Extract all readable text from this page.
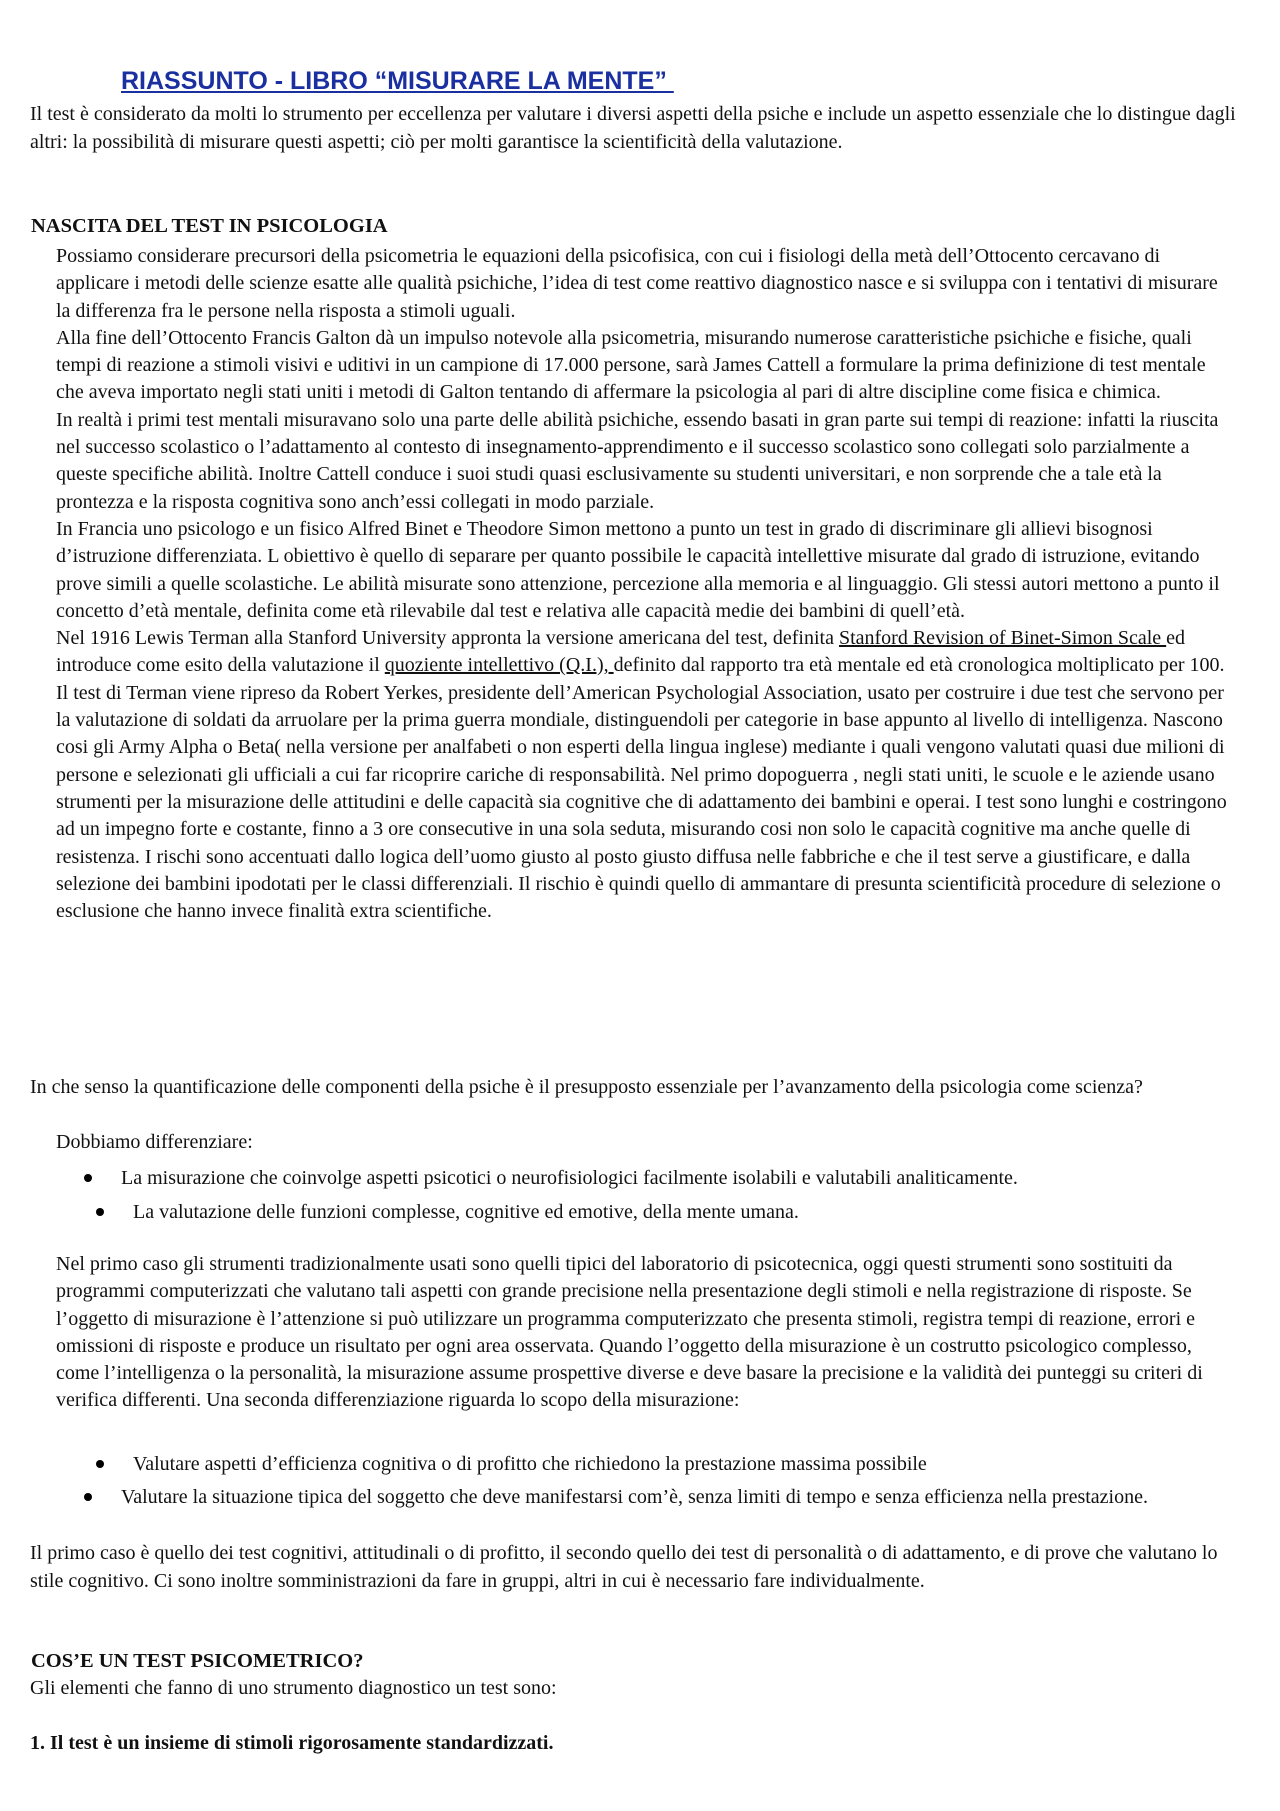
RIASSUNTO - LIBRO “MISURARE LA MENTE”

Il test è considerato da molti lo strumento per eccellenza per valutare i diversi aspetti della psiche e include un aspetto essenziale che lo distingue dagli altri: la possibilità di misurare questi aspetti; ciò per molti garantisce la scientificità della valutazione.

NASCITA DEL TEST IN PSICOLOGIA

Possiamo considerare precursori della psicometria le equazioni della psicofisica, con cui i fisiologi della metà dell’Ottocento cercavano di applicare i metodi delle scienze esatte alle qualità psichiche, l’idea di test come reattivo diagnostico nasce e si sviluppa con i tentativi di misurare la differenza fra le persone nella risposta a stimoli uguali.

Alla fine dell’Ottocento Francis Galton dà un impulso notevole alla psicometria, misurando numerose caratteristiche psichiche e fisiche, quali tempi di reazione a stimoli visivi e uditivi in un campione di 17.000 persone, sarà James Cattell a formulare la prima definizione di test mentale che aveva importato negli stati uniti i metodi di Galton tentando di affermare la psicologia al pari di altre discipline come fisica e chimica.

In realtà i primi test mentali misuravano solo una parte delle abilità psichiche, essendo basati in gran parte sui tempi di reazione: infatti la riuscita nel successo scolastico o l’adattamento al contesto di insegnamento-apprendimento e il successo scolastico sono collegati solo parzialmente a queste specifiche abilità. Inoltre Cattell conduce i suoi studi quasi esclusivamente su studenti universitari, e non sorprende che a tale età la prontezza e la risposta cognitiva sono anch’essi collegati in modo parziale.

In Francia uno psicologo e un fisico Alfred Binet e Theodore Simon mettono a punto un test in grado di discriminare gli allievi bisognosi d’istruzione differenziata. L obiettivo è quello di separare per quanto possibile le capacità intellettive misurate dal grado di istruzione, evitando prove simili a quelle scolastiche. Le abilità misurate sono attenzione, percezione alla memoria e al linguaggio. Gli stessi autori mettono a punto il concetto d’età mentale, definita come età rilevabile dal test e relativa alle capacità medie dei bambini di quell’età.

Nel 1916 Lewis Terman alla Stanford University appronta la versione americana del test, definita Stanford Revision of Binet-Simon Scale ed introduce come esito della valutazione il quoziente intellettivo (Q.I.), definito dal rapporto tra età mentale ed età cronologica moltiplicato per 100. Il test di Terman viene ripreso da Robert Yerkes, presidente dell’American Psychologial Association, usato per costruire i due test che servono per la valutazione di soldati da arruolare per la prima guerra mondiale, distinguendoli per categorie in base appunto al livello di intelligenza. Nascono cosi gli Army Alpha o Beta( nella versione per analfabeti o non esperti della lingua inglese) mediante i quali vengono valutati quasi due milioni di persone e selezionati gli ufficiali a cui far ricoprire cariche di responsabilità. Nel primo dopoguerra , negli stati uniti, le scuole e le aziende usano strumenti per la misurazione delle attitudini e delle capacità sia cognitive che di adattamento dei bambini e operai. I test sono lunghi e costringono ad un impegno forte e costante, finno a 3 ore consecutive in una sola seduta, misurando cosi non solo le capacità cognitive ma anche quelle di resistenza. I rischi sono accentuati dallo logica dell’uomo giusto al posto giusto diffusa nelle fabbriche e che il test serve a giustificare, e dalla selezione dei bambini ipodotati per le classi differenziali. Il rischio è quindi quello di ammantare di presunta scientificità procedure di selezione o esclusione che hanno invece finalità extra scientifiche.

In che senso la quantificazione delle componenti della psiche è il presupposto essenziale per l’avanzamento della psicologia come scienza?

Dobbiamo differenziare:

La misurazione che coinvolge aspetti psicotici o neurofisiologici facilmente isolabili e valutabili analiticamente.

La valutazione delle funzioni complesse, cognitive ed emotive, della mente umana.

Nel primo caso gli strumenti tradizionalmente usati sono quelli tipici del laboratorio di psicotecnica, oggi questi strumenti sono sostituiti da programmi computerizzati che valutano tali aspetti con grande precisione nella presentazione degli stimoli e nella registrazione di risposte. Se l’oggetto di misurazione è l’attenzione si può utilizzare un programma computerizzato che presenta stimoli, registra tempi di reazione, errori e omissioni di risposte e produce un risultato per ogni area osservata. Quando l’oggetto della misurazione è un costrutto psicologico complesso, come l’intelligenza o la personalità, la misurazione assume prospettive diverse e deve basare la precisione e la validità dei punteggi su criteri di verifica differenti. Una seconda differenziazione riguarda lo scopo della misurazione:

Valutare aspetti d’efficienza cognitiva o di profitto che richiedono la prestazione massima possibile

Valutare la situazione tipica del soggetto che deve manifestarsi com’è, senza limiti di tempo e senza efficienza nella prestazione.

Il primo caso è quello dei test cognitivi, attitudinali o di profitto, il secondo quello dei test di personalità o di adattamento, e di prove che valutano lo stile cognitivo. Ci sono inoltre somministrazioni da fare in gruppi, altri in cui è necessario fare individualmente.

COS’E UN TEST PSICOMETRICO?

Gli elementi che fanno di uno strumento diagnostico un test sono:

1. Il test è un insieme di stimoli rigorosamente standardizzati.
